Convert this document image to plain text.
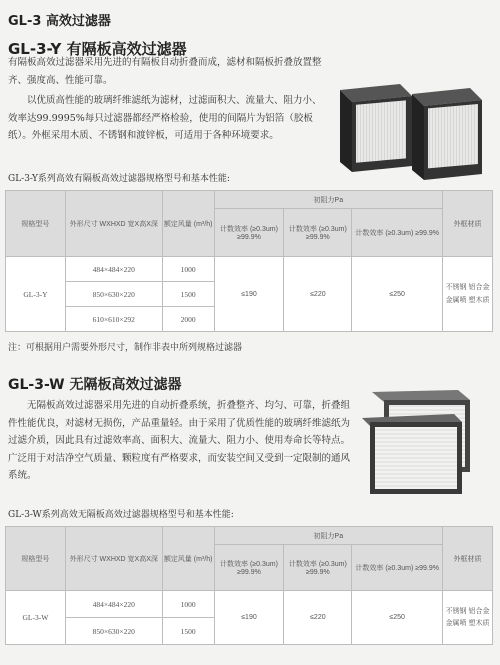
GL-3 高效过滤器
GL-3-Y 有隔板高效过滤器
有隔板高效过滤器采用先进的有隔板自动折叠而成，滤材和隔板折叠放置整齐、强度高、性能可靠。
以优质高性能的玻璃纤维滤纸为滤材，过滤面积大、流量大、阻力小、效率达99.9995%每只过滤器都经严格检验，使用的间隔片为铝箔（胶板纸）。外框采用木质、不锈钢和渡锌板，可适用于各种环境要求。
GL-3-Y系列高效有隔板高效过滤器规格型号和基本性能:
规格型号	外形尺寸 WXHXD 宽X高X深	额定风量 (m³/h)	初阻力Pa			外框材质
			计数效率 (≥0.3um) ≥99.9%	计数效率 (≥0.3um) ≥99.9%	计数效率 (≥0.3um) ≥99.9%	
GL-3-Y	484×484×220	1000	≤190	≤220	≤250	不锈钢 铝合金 金属喷 塑木质
	850×630×220	1500				
	610×610×292	2000				
注：可根据用户需要外形尺寸，制作非表中所列规格过滤器
GL-3-W 无隔板高效过滤器
无隔板高效过滤器采用先进的自动折叠系统，折叠整齐、均匀、可靠，折叠组件性能优良，对滤材无损伤，产品重量轻。由于采用了优质性能的玻璃纤维滤纸为过滤介质，因此具有过滤效率高、面积大、流量大、阻力小、使用寿命长等特点。广泛用于对洁净空气质量、颗粒度有严格要求，而安装空间又受到一定限制的通风系统。
GL-3-W系列高效无隔板高效过滤器规格型号和基本性能:
规格型号	外形尺寸 WXHXD 宽X高X深	额定风量 (m³/h)	初阻力Pa			外框材质
			计数效率 (≥0.3um) ≥99.9%	计数效率 (≥0.3um) ≥99.9%	计数效率 (≥0.3um) ≥99.9%	
GL-3-W	484×484×220	1000	≤190	≤220	≤250	不锈钢 铝合金 金属喷 塑木质
	850×630×220	1500				
